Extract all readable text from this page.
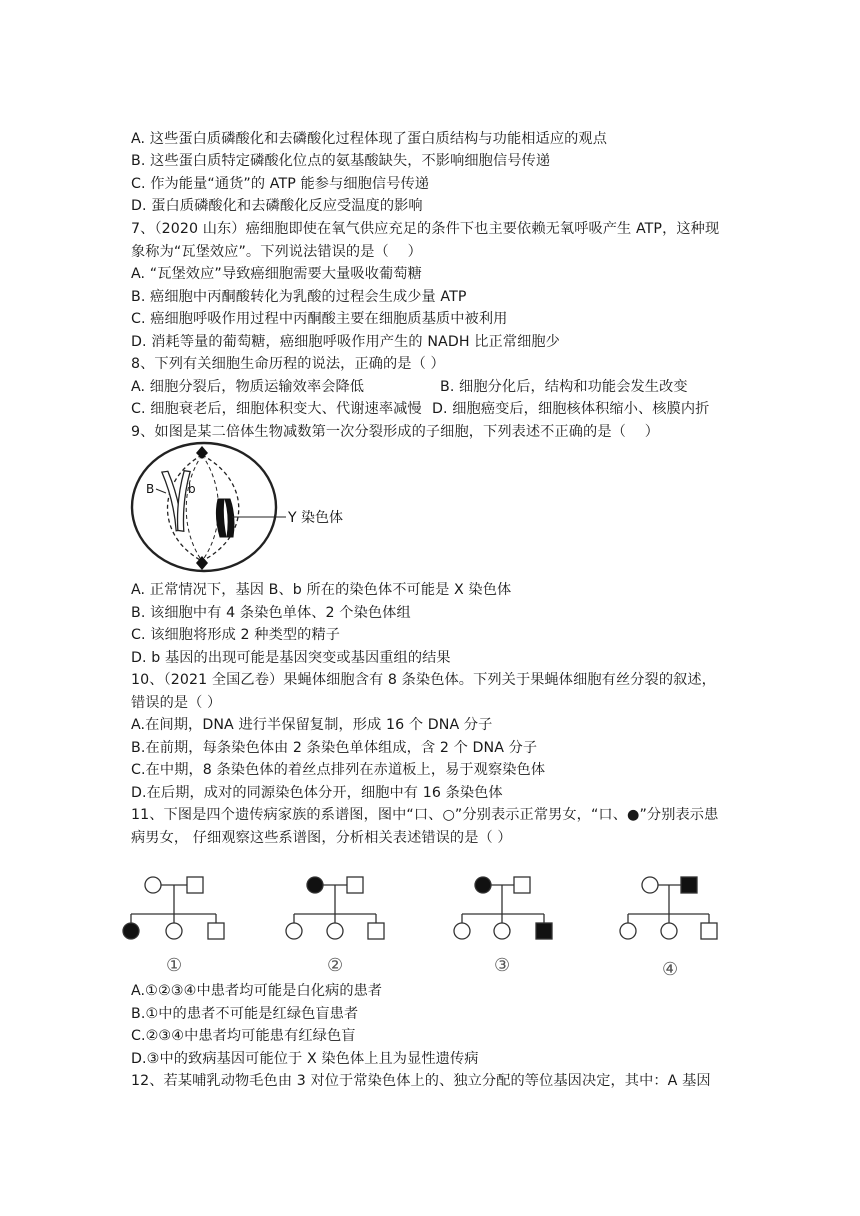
A. 这些蛋白质磷酸化和去磷酸化过程体现了蛋白质结构与功能相适应的观点
B. 这些蛋白质特定磷酸化位点的氨基酸缺失，不影响细胞信号传递
C. 作为能量“通货”的 ATP 能参与细胞信号传递
D. 蛋白质磷酸化和去磷酸化反应受温度的影响
7、（2020 山东）癌细胞即使在氧气供应充足的条件下也主要依赖无氧呼吸产生 ATP，这种现
象称为“瓦堡效应”。下列说法错误的是（　 ）
A. “瓦堡效应”导致癌细胞需要大量吸收葡萄糖
B. 癌细胞中丙酮酸转化为乳酸的过程会生成少量 ATP
C. 癌细胞呼吸作用过程中丙酮酸主要在细胞质基质中被利用
D. 消耗等量的葡萄糖，癌细胞呼吸作用产生的 NADH 比正常细胞少
8、下列有关细胞生命历程的说法，正确的是（ ）
A. 细胞分裂后，物质运输效率会降低	B. 细胞分化后，结构和功能会发生改变
C. 细胞衰老后，细胞体积变大、代谢速率减慢 D. 细胞癌变后，细胞核体积缩小、核膜内折
9、如图是某二倍体生物减数第一次分裂形成的子细胞，下列表述不正确的是（　 ）
B	b
Y 染色体
A. 正常情况下，基因 B、b 所在的染色体不可能是 X 染色体
B. 该细胞中有 4 条染色单体、2 个染色体组
C. 该细胞将形成 2 种类型的精子
D. b 基因的出现可能是基因突变或基因重组的结果
10、（2021 全国乙卷）果蝇体细胞含有 8 条染色体。下列关于果蝇体细胞有丝分裂的叙述，
错误的是（ ）
A.在间期，DNA 进行半保留复制，形成 16 个 DNA 分子
B.在前期，每条染色体由 2 条染色单体组成，含 2 个 DNA 分子
C.在中期，8 条染色体的着丝点排列在赤道板上，易于观察染色体
D.在后期，成对的同源染色体分开，细胞中有 16 条染色体
11、下图是四个遗传病家族的系谱图，图中“口、○”分别表示正常男女，“口、●”分别表示患
病男女， 仔细观察这些系谱图，分析相关表述错误的是（ ）
①	②	③	④
A.①②③④中患者均可能是白化病的患者
B.①中的患者不可能是红绿色盲患者
C.②③④中患者均可能患有红绿色盲
D.③中的致病基因可能位于 X 染色体上且为显性遗传病
12、若某哺乳动物毛色由 3 对位于常染色体上的、独立分配的等位基因决定，其中：A 基因
